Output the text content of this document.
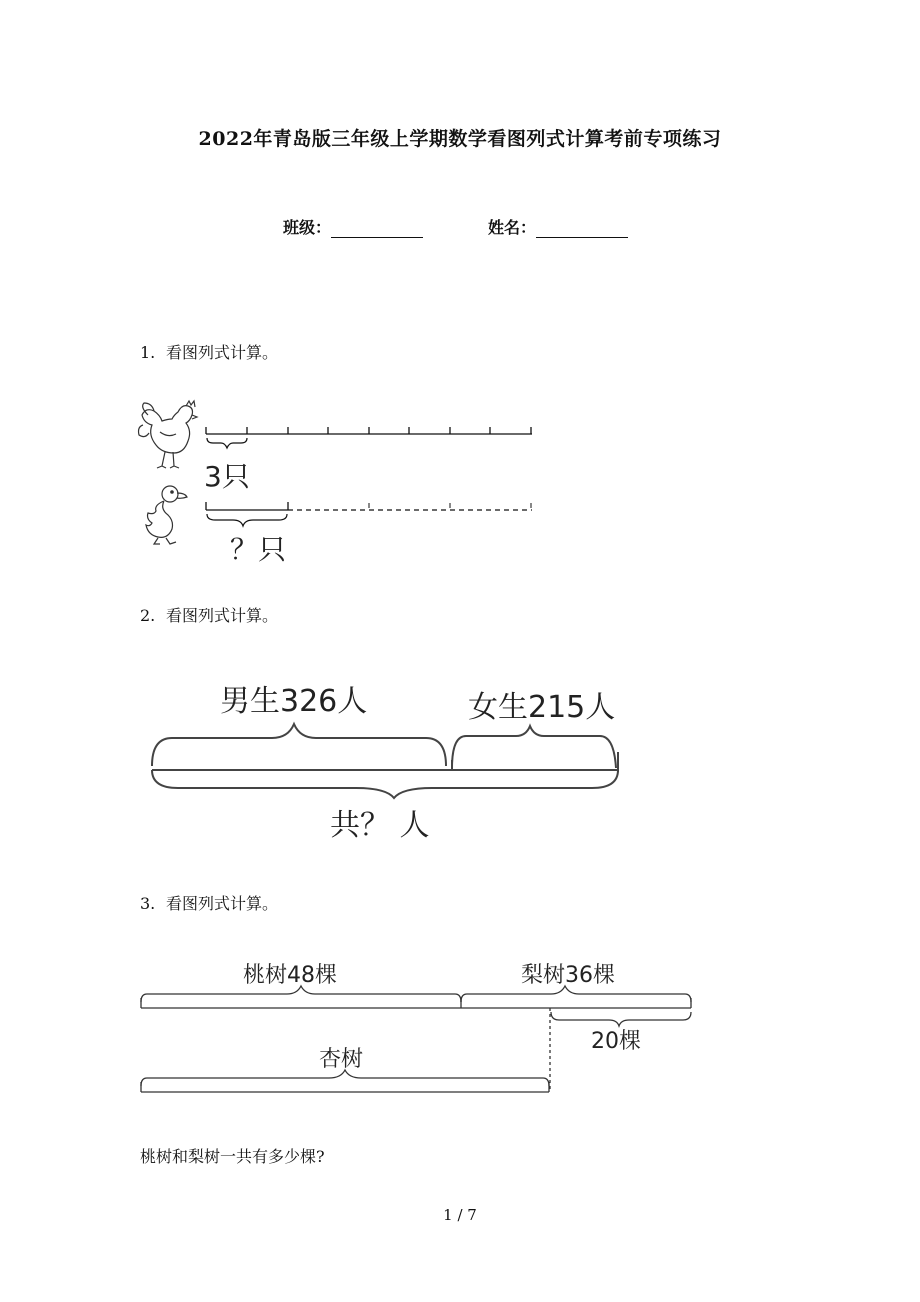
2022年青岛版三年级上学期数学看图列式计算考前专项练习
班级：	姓名：
1. 看图列式计算。
3只
？只
2. 看图列式计算。
男生326人	女生215人
共？ 人
3. 看图列式计算。
桃树48棵	梨树36棵
20棵
杏树
桃树和梨树一共有多少棵?
1 / 7
